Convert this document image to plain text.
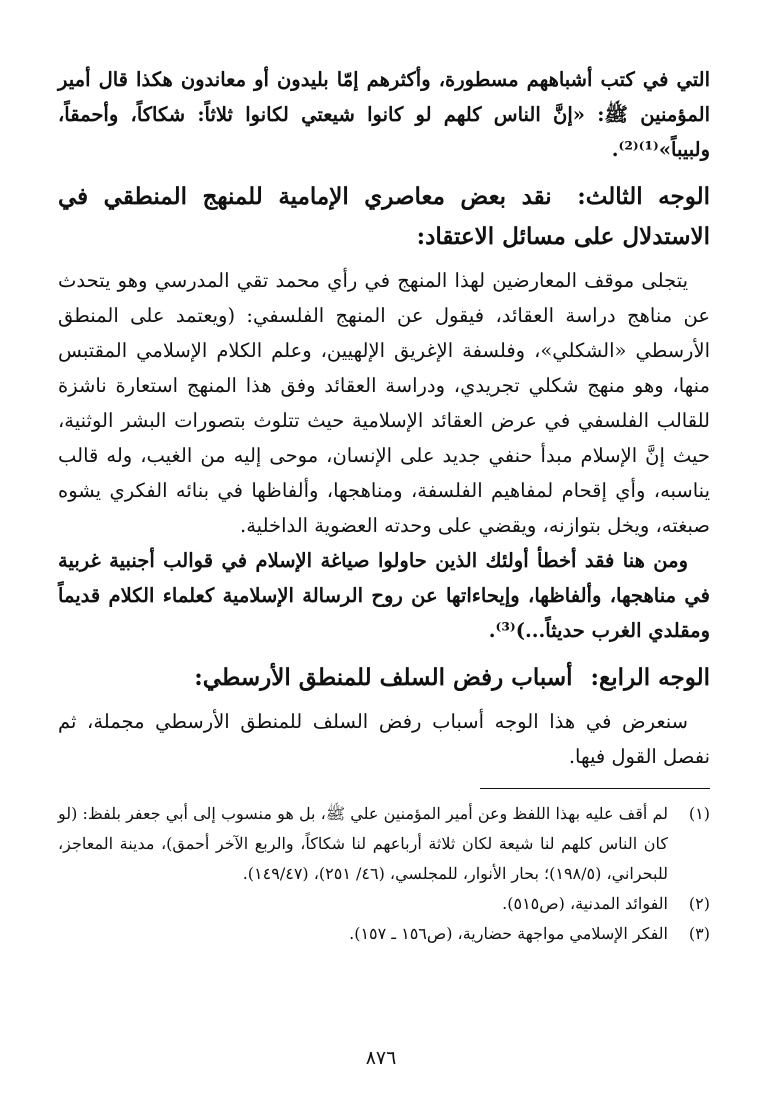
التي في كتب أشباههم مسطورة، وأكثرهم إمّا بليدون أو معاندون هكذا قال أمير المؤمنين ﷺ: «إنَّ الناس كلهم لو كانوا شيعتي لكانوا ثلاثاً: شكاكاً، وأحمقاً، ولبيباً»⁽¹⁾⁽²⁾.

الوجه الثالث: نقد بعض معاصري الإمامية للمنهج المنطقي في الاستدلال على مسائل الاعتقاد:

يتجلى موقف المعارضين لهذا المنهج في رأي محمد تقي المدرسي وهو يتحدث عن مناهج دراسة العقائد، فيقول عن المنهج الفلسفي: (ويعتمد على المنطق الأرسطي «الشكلي»، وفلسفة الإغريق الإلهيين، وعلم الكلام الإسلامي المقتبس منها، وهو منهج شكلي تجريدي، ودراسة العقائد وفق هذا المنهج استعارة ناشزة للقالب الفلسفي في عرض العقائد الإسلامية حيث تتلوث بتصورات البشر الوثنية، حيث إنَّ الإسلام مبدأ حنفي جديد على الإنسان، موحى إليه من الغيب، وله قالب يناسبه، وأي إقحام لمفاهيم الفلسفة، ومناهجها، وألفاظها في بنائه الفكري يشوه صبغته، ويخل بتوازنه، ويقضي على وحدته العضوية الداخلية.

ومن هنا فقد أخطأ أولئك الذين حاولوا صياغة الإسلام في قوالب أجنبية غربية في مناهجها، وألفاظها، وإيحاءاتها عن روح الرسالة الإسلامية كعلماء الكلام قديماً ومقلدي الغرب حديثاً...)⁽³⁾.

الوجه الرابع: أسباب رفض السلف للمنطق الأرسطي:

سنعرض في هذا الوجه أسباب رفض السلف للمنطق الأرسطي مجملة، ثم نفصل القول فيها.

(١)
لم أقف عليه بهذا اللفظ وعن أمير المؤمنين علي ﷺ، بل هو منسوب إلى أبي جعفر بلفظ: (لو كان الناس كلهم لنا شيعة لكان ثلاثة أرباعهم لنا شكاكاً، والربع الآخر أحمق)، مدينة المعاجز، للبحراني، (١٩٨/٥)؛ بحار الأنوار، للمجلسي، (٤٦/ ٢٥١)، (١٤٩/٤٧).
(٢)
الفوائد المدنية، (ص٥١٥).
(٣)
الفكر الإسلامي مواجهة حضارية، (ص١٥٦ ـ ١٥٧).
٨٧٦
